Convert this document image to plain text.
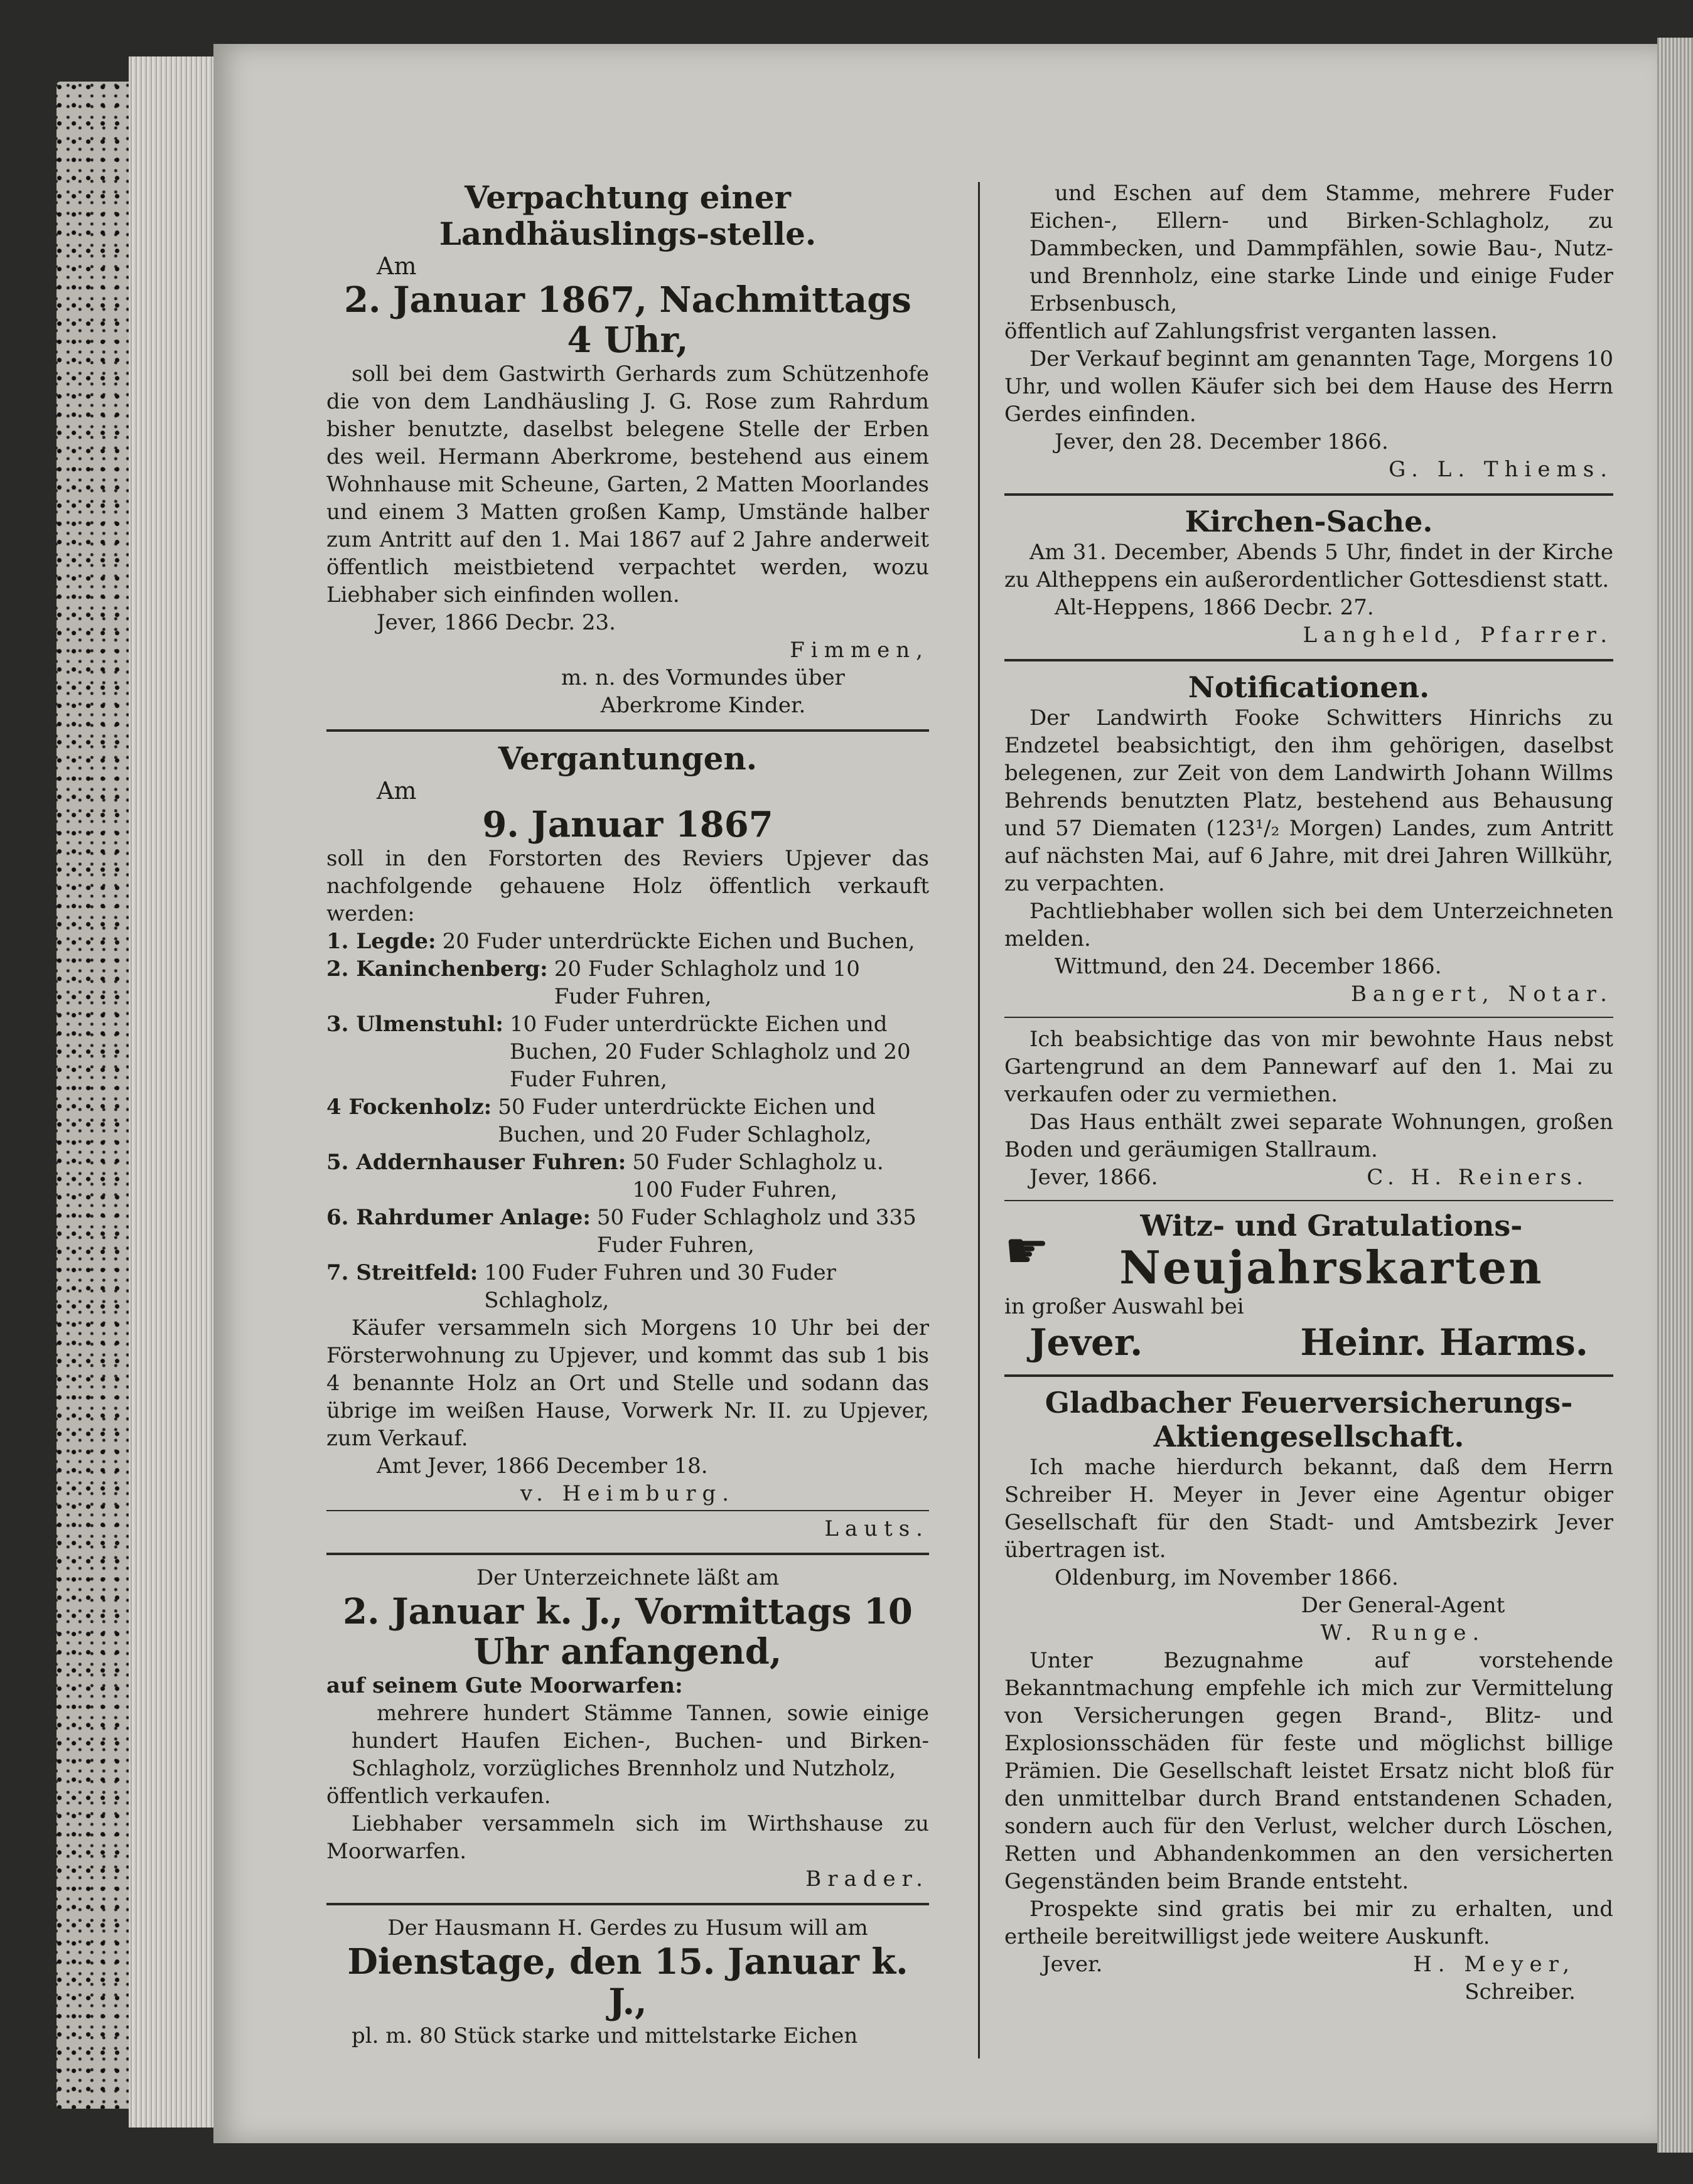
Verpachtung einer Landhäuslings-stelle.
Am
2. Januar 1867, Nachmittags 4 Uhr,
soll bei dem Gastwirth Gerhards zum Schützenhofe die von dem Landhäusling J. G. Rose zum Rahrdum bisher benutzte, daselbst belegene Stelle der Erben des weil. Hermann Aberkrome, bestehend aus einem Wohnhause mit Scheune, Garten, 2 Matten Moorlandes und einem 3 Matten großen Kamp, Umstände halber zum Antritt auf den 1. Mai 1867 auf 2 Jahre anderweit öffentlich meistbietend verpachtet werden, wozu Liebhaber sich einfinden wollen.
Jever, 1866 Decbr. 23.
Fimmen,
m. n. des Vormundes über
Aberkrome Kinder.
Vergantungen.
Am
9. Januar 1867
soll in den Forstorten des Reviers Upjever das nachfolgende gehauene Holz öffentlich verkauft werden:
1. Legde: 20 Fuder unterdrückte Eichen und Buchen,
2. Kaninchenberg: 20 Fuder Schlagholz und 10 Fuder Fuhren,
3. Ulmenstuhl: 10 Fuder unterdrückte Eichen und Buchen, 20 Fuder Schlagholz und 20 Fuder Fuhren,
4 Fockenholz: 50 Fuder unterdrückte Eichen und Buchen, und 20 Fuder Schlagholz,
5. Addernhauser Fuhren: 50 Fuder Schlagholz u. 100 Fuder Fuhren,
6. Rahrdumer Anlage: 50 Fuder Schlagholz und 335 Fuder Fuhren,
7. Streitfeld: 100 Fuder Fuhren und 30 Fuder Schlagholz,
Käufer versammeln sich Morgens 10 Uhr bei der Försterwohnung zu Upjever, und kommt das sub 1 bis 4 benannte Holz an Ort und Stelle und sodann das übrige im weißen Hause, Vorwerk Nr. II. zu Upjever, zum Verkauf.
Amt Jever, 1866 December 18.
v. Heimburg.
Lauts.
Der Unterzeichnete läßt am
2. Januar k. J., Vormittags 10 Uhr anfangend,
auf seinem Gute Moorwarfen:
mehrere hundert Stämme Tannen, sowie einige hundert Haufen Eichen-, Buchen- und Birken-Schlagholz, vorzügliches Brennholz und Nutzholz,
öffentlich verkaufen.
Liebhaber versammeln sich im Wirthshause zu Moorwarfen.
Brader.
Der Hausmann H. Gerdes zu Husum will am
Dienstage, den 15. Januar k. J.,
pl. m. 80 Stück starke und mittelstarke Eichen
und Eschen auf dem Stamme, mehrere Fuder Eichen-, Ellern- und Birken-Schlagholz, zu Dammbecken, und Dammpfählen, sowie Bau-, Nutz- und Brennholz, eine starke Linde und einige Fuder Erbsenbusch,
öffentlich auf Zahlungsfrist verganten lassen.
Der Verkauf beginnt am genannten Tage, Morgens 10 Uhr, und wollen Käufer sich bei dem Hause des Herrn Gerdes einfinden.
Jever, den 28. December 1866.
G. L. Thiems.
Kirchen-Sache.
Am 31. December, Abends 5 Uhr, findet in der Kirche zu Altheppens ein außerordentlicher Gottesdienst statt.
Alt-Heppens, 1866 Decbr. 27.
Langheld, Pfarrer.
Notificationen.
Der Landwirth Fooke Schwitters Hinrichs zu Endzetel beabsichtigt, den ihm gehörigen, daselbst belegenen, zur Zeit von dem Landwirth Johann Willms Behrends benutzten Platz, bestehend aus Behausung und 57 Diematen (123¹/₂ Morgen) Landes, zum Antritt auf nächsten Mai, auf 6 Jahre, mit drei Jahren Willkühr, zu verpachten.
Pachtliebhaber wollen sich bei dem Unterzeichneten melden.
Wittmund, den 24. December 1866.
Bangert, Notar.
Ich beabsichtige das von mir bewohnte Haus nebst Gartengrund an dem Pannewarf auf den 1. Mai zu verkaufen oder zu vermiethen.
Das Haus enthält zwei separate Wohnungen, großen Boden und geräumigen Stallraum.
Jever, 1866.	C. H. Reiners.
☛	Witz- und Gratulations-
Neujahrskarten
in großer Auswahl bei
Jever.	Heinr. Harms.
Gladbacher Feuerversicherungs-Aktiengesellschaft.
Ich mache hierdurch bekannt, daß dem Herrn Schreiber H. Meyer in Jever eine Agentur obiger Gesellschaft für den Stadt- und Amtsbezirk Jever übertragen ist.
Oldenburg, im November 1866.
Der General-Agent
W. Runge.
Unter Bezugnahme auf vorstehende Bekanntmachung empfehle ich mich zur Vermittelung von Versicherungen gegen Brand-, Blitz- und Explosionsschäden für feste und möglichst billige Prämien. Die Gesellschaft leistet Ersatz nicht bloß für den unmittelbar durch Brand entstandenen Schaden, sondern auch für den Verlust, welcher durch Löschen, Retten und Abhandenkommen an den versicherten Gegenständen beim Brande entsteht.
Prospekte sind gratis bei mir zu erhalten, und ertheile bereitwilligst jede weitere Auskunft.
Jever.	H. Meyer,
Schreiber.
